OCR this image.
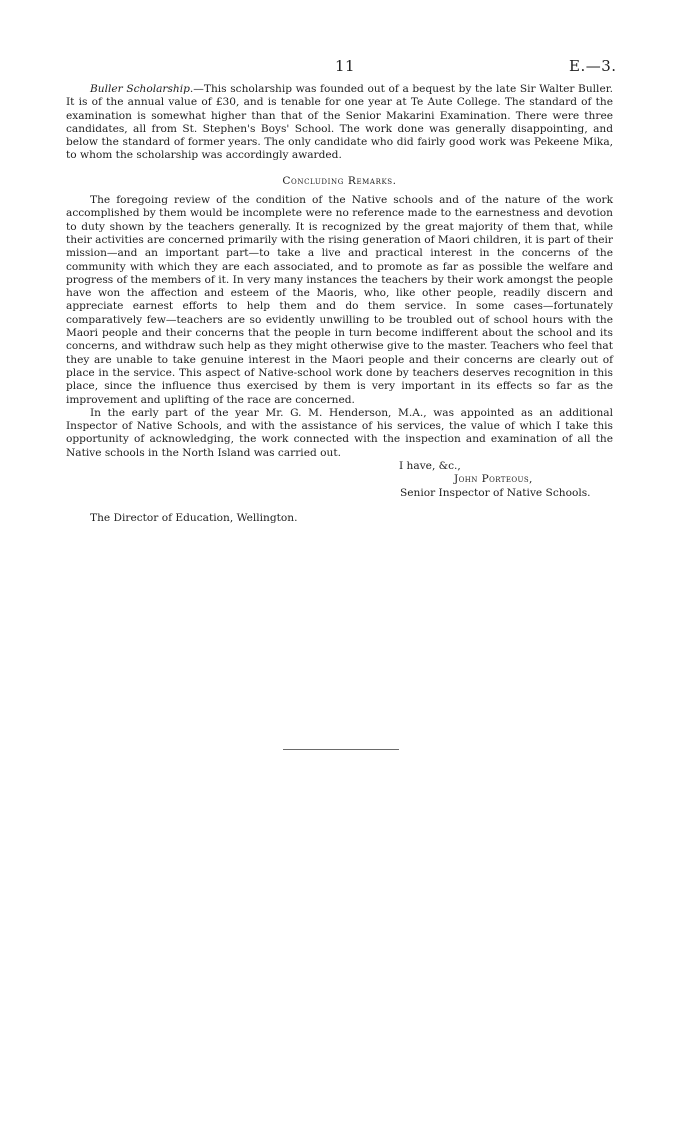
11	E.—3.

Buller Scholarship.—This scholarship was founded out of a bequest by the late Sir Walter Buller. It is of the annual value of £30, and is tenable for one year at Te Aute College. The standard of the examination is somewhat higher than that of the Senior Makarini Examination. There were three candidates, all from St. Stephen's Boys' School. The work done was generally disappointing, and below the standard of former years. The only candidate who did fairly good work was Pekeene Mika, to whom the scholarship was accordingly awarded.

Concluding Remarks.

The foregoing review of the condition of the Native schools and of the nature of the work accomplished by them would be incomplete were no reference made to the earnestness and devotion to duty shown by the teachers generally. It is recognized by the great majority of them that, while their activities are concerned primarily with the rising generation of Maori children, it is part of their mission—and an important part—to take a live and practical interest in the concerns of the community with which they are each associated, and to promote as far as possible the welfare and progress of the members of it. In very many instances the teachers by their work amongst the people have won the affection and esteem of the Maoris, who, like other people, readily discern and appreciate earnest efforts to help them and do them service. In some cases—fortunately comparatively few—teachers are so evidently unwilling to be troubled out of school hours with the Maori people and their concerns that the people in turn become indifferent about the school and its concerns, and withdraw such help as they might otherwise give to the master. Teachers who feel that they are unable to take genuine interest in the Maori people and their concerns are clearly out of place in the service. This aspect of Native-school work done by teachers deserves recognition in this place, since the influence thus exercised by them is very important in its effects so far as the improvement and uplifting of the race are concerned.

In the early part of the year Mr. G. M. Henderson, M.A., was appointed as an additional Inspector of Native Schools, and with the assistance of his services, the value of which I take this opportunity of acknowledging, the work connected with the inspection and examination of all the Native schools in the North Island was carried out.

I have, &c.,
John Porteous,
Senior Inspector of Native Schools.

The Director of Education, Wellington.
